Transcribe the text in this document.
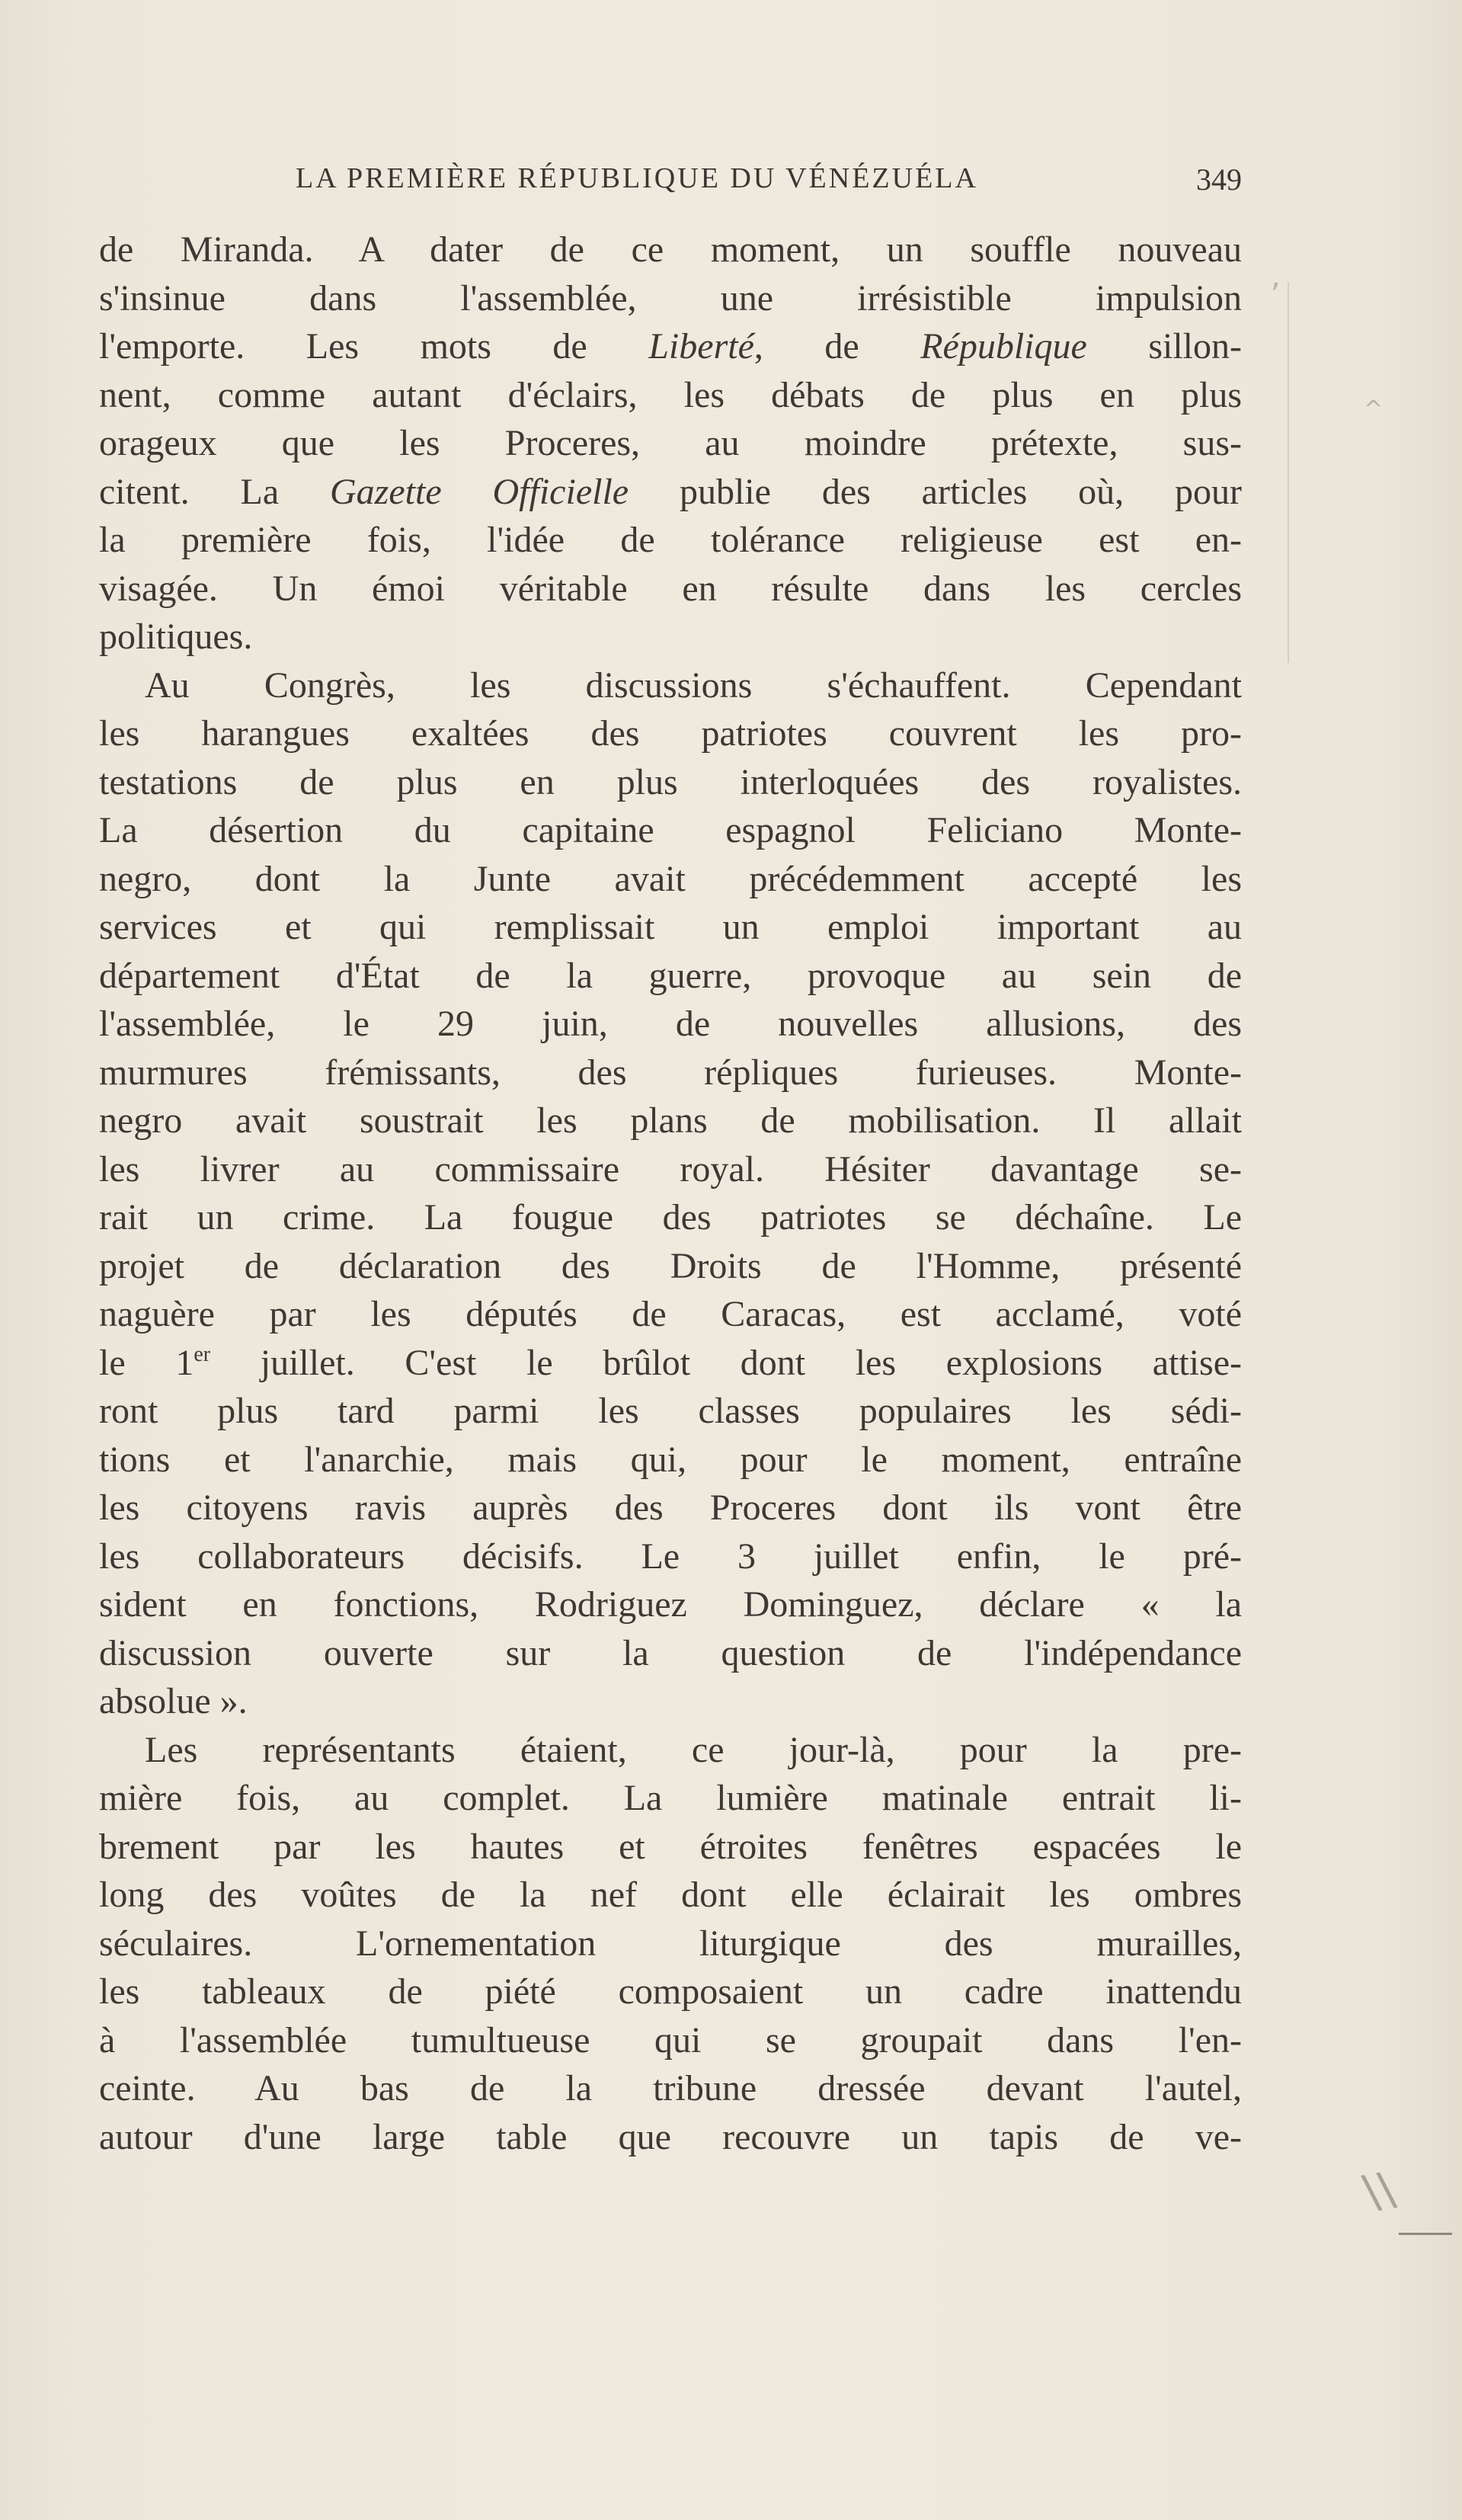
LA PREMIÈRE RÉPUBLIQUE DU VÉNÉZUÉLA	349
de Miranda. A dater de ce moment, un souffle nouveau
s'insinue dans l'assemblée, une irrésistible impulsion
l'emporte. Les mots de Liberté, de République sillon-
nent, comme autant d'éclairs, les débats de plus en plus
orageux que les Proceres, au moindre prétexte, sus-
citent. La Gazette Officielle publie des articles où, pour
la première fois, l'idée de tolérance religieuse est en-
visagée. Un émoi véritable en résulte dans les cercles
politiques.
Au Congrès, les discussions s'échauffent. Cependant
les harangues exaltées des patriotes couvrent les pro-
testations de plus en plus interloquées des royalistes.
La désertion du capitaine espagnol Feliciano Monte-
negro, dont la Junte avait précédemment accepté les
services et qui remplissait un emploi important au
département d'État de la guerre, provoque au sein de
l'assemblée, le 29 juin, de nouvelles allusions, des
murmures frémissants, des répliques furieuses. Monte-
negro avait soustrait les plans de mobilisation. Il allait
les livrer au commissaire royal. Hésiter davantage se-
rait un crime. La fougue des patriotes se déchaîne. Le
projet de déclaration des Droits de l'Homme, présenté
naguère par les députés de Caracas, est acclamé, voté
le 1er juillet. C'est le brûlot dont les explosions attise-
ront plus tard parmi les classes populaires les sédi-
tions et l'anarchie, mais qui, pour le moment, entraîne
les citoyens ravis auprès des Proceres dont ils vont être
les collaborateurs décisifs. Le 3 juillet enfin, le pré-
sident en fonctions, Rodriguez Dominguez, déclare « la
discussion ouverte sur la question de l'indépendance
absolue ».
Les représentants étaient, ce jour-là, pour la pre-
mière fois, au complet. La lumière matinale entrait li-
brement par les hautes et étroites fenêtres espacées le
long des voûtes de la nef dont elle éclairait les ombres
séculaires. L'ornementation liturgique des murailles,
les tableaux de piété composaient un cadre inattendu
à l'assemblée tumultueuse qui se groupait dans l'en-
ceinte. Au bas de la tribune dressée devant l'autel,
autour d'une large table que recouvre un tapis de ve-
,
^
\\
